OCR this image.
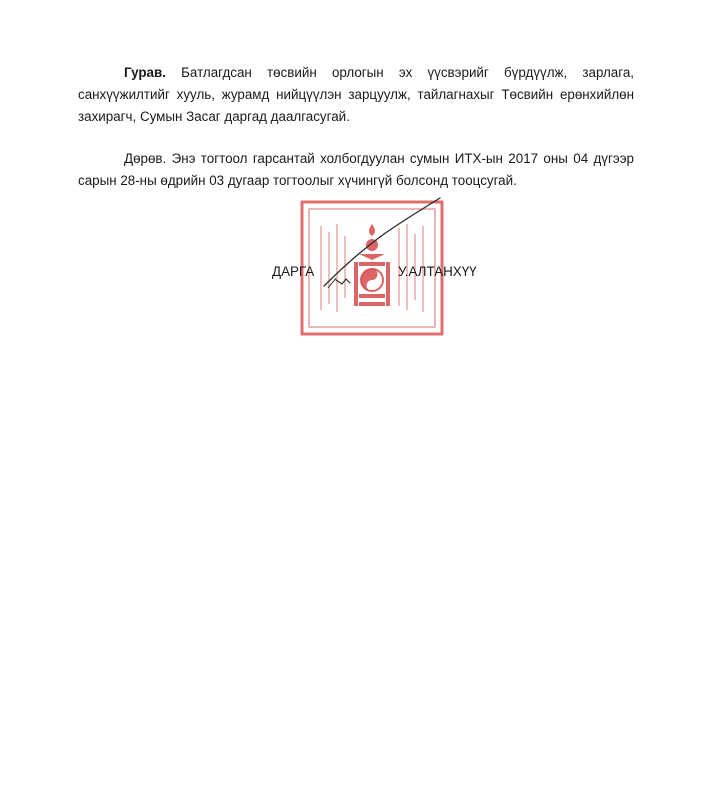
Гурав. Батлагдсан төсвийн орлогын эх үүсвэрийг бүрдүүлж, зарлага, санхүүжилтийг хууль, журамд нийцүүлэн зарцуулж, тайлагнахыг Төсвийн ерөнхийлөн захирагч, Сумын Засаг даргад даалгасугай.

Дөрөв. Энэ тогтоол гарсантай холбогдуулан сумын ИТХ-ын 2017 оны 04 дүгээр сарын 28-ны өдрийн 03 дугаар тогтоолыг хүчингүй болсонд тооцсугай.

ДАРГА	У.АЛТАНХҮҮ
